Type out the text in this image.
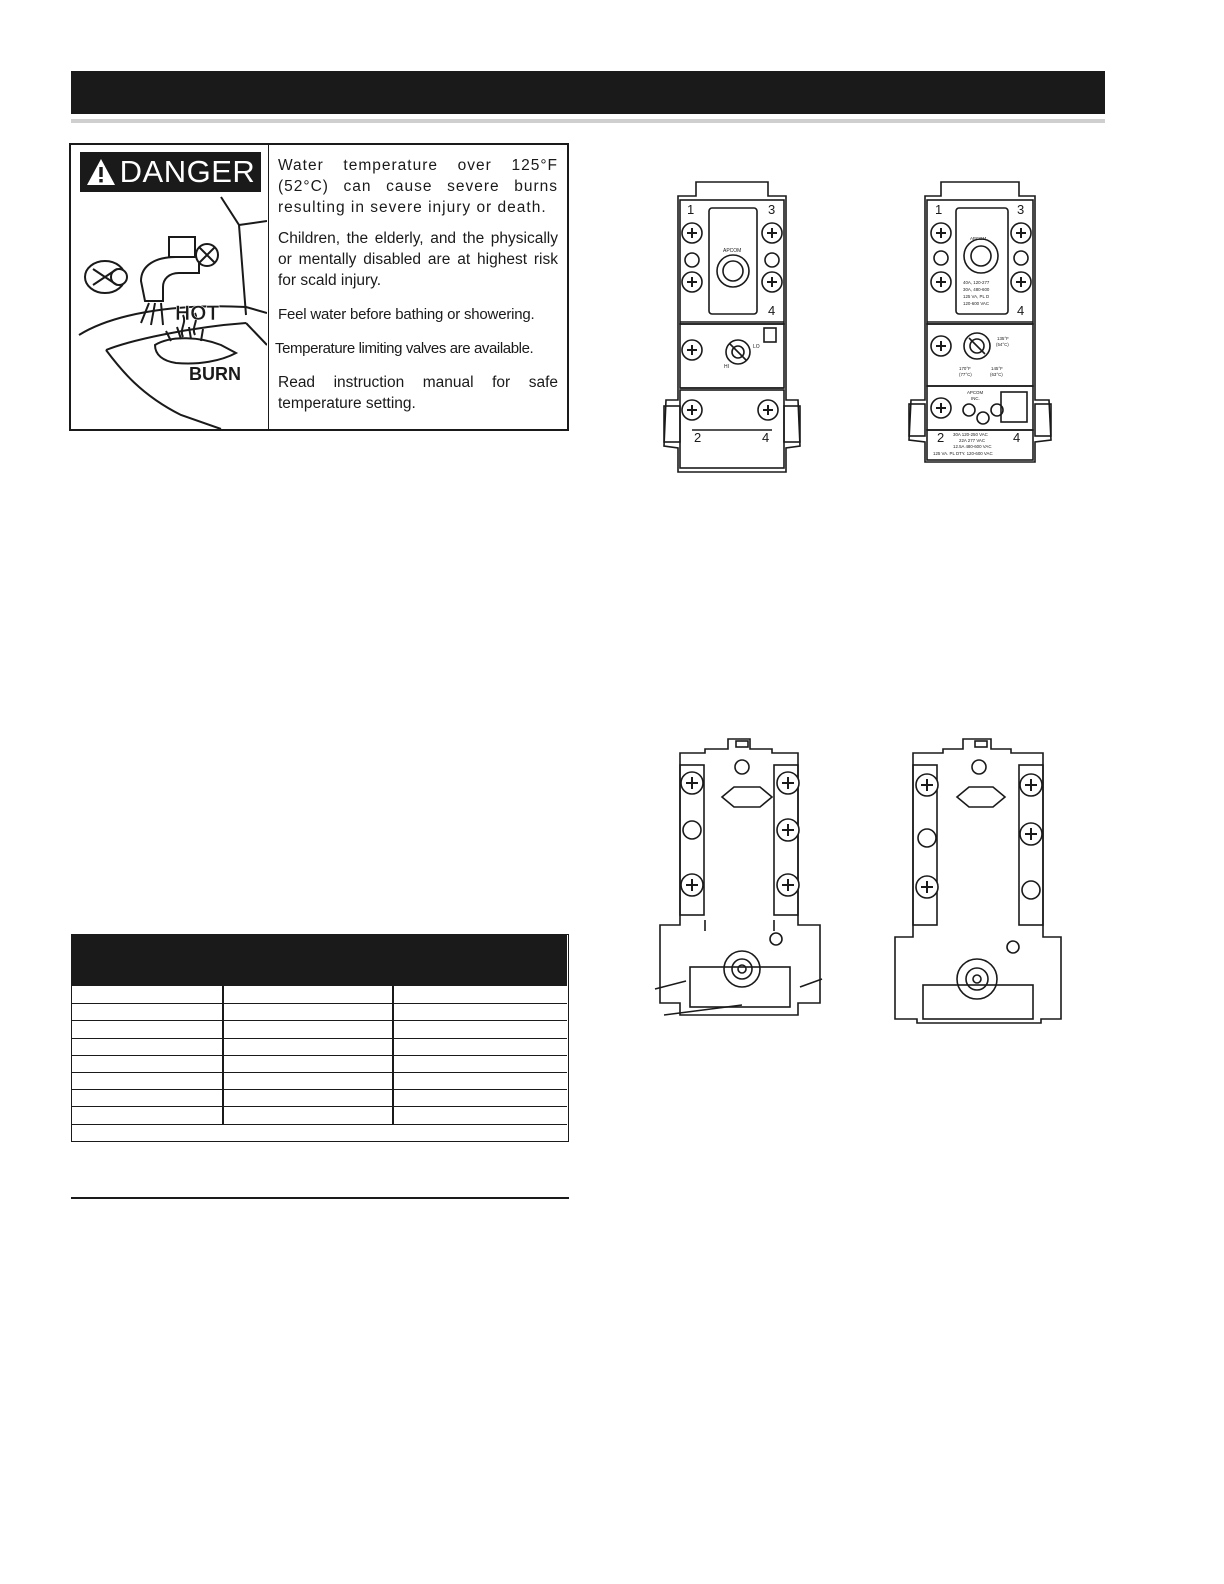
DANGER
HOT
BURN

Water temperature over 125°F (52°C) can cause severe burns resulting in severe injury or death.

Children, the elderly, and the physically or mentally disabled are at highest risk for scald injury.

Feel water before bathing or showering.

Temperature limiting valves are available.

Read instruction manual for safe temperature setting.

1	3
4
2	4
APCOM
LO
HI
1	3
4
2	4
APCOM
40A, 120-277
30A, 480-600
125 VA, PL D
120-600 VAC
135°F
(54°C)
170°F
(77°C)
145°F
(63°C)
APCOM
INC.
30A 120-250 VAC
22A 277 VAC
12.5A 480-600 VAC
125 VA. PL DTY. 120-600 VAC
